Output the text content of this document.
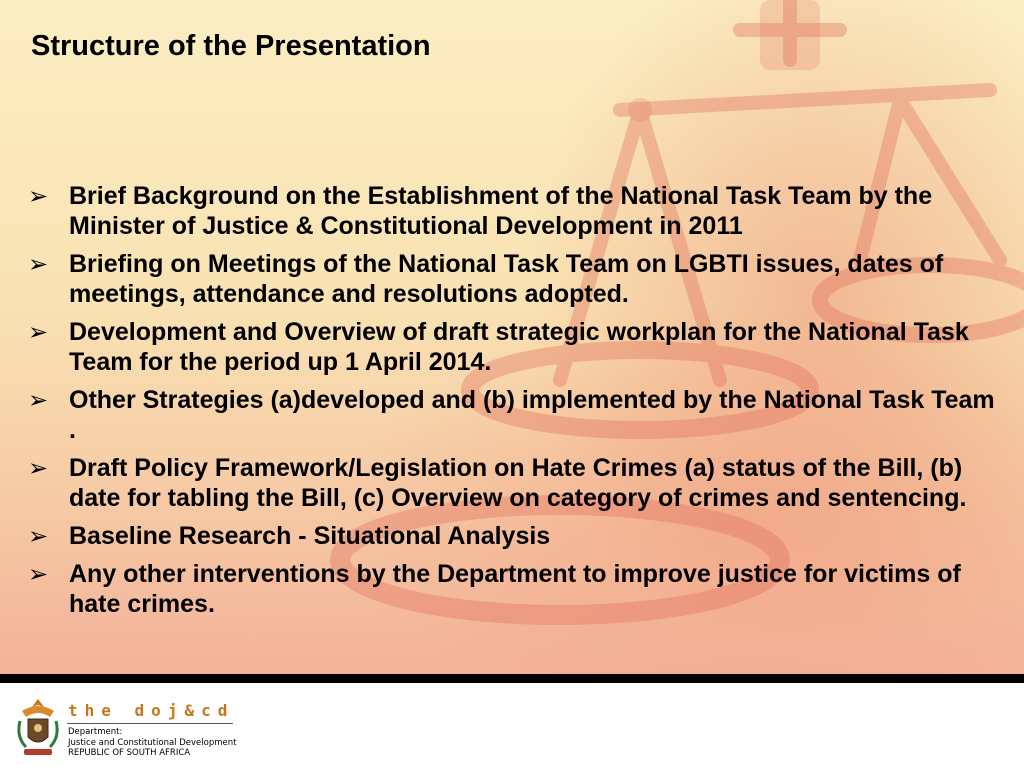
Structure of the Presentation
➢ Brief Background on the Establishment of the National Task Team by the Minister of Justice & Constitutional Development in 2011
➢ Briefing on Meetings of the National Task Team on LGBTI issues, dates of meetings, attendance and resolutions adopted.
➢ Development and Overview of draft strategic workplan for the National Task Team for the period up 1 April 2014.
➢ Other Strategies (a)developed and (b) implemented by the National Task Team .
➢ Draft Policy Framework/Legislation on Hate Crimes (a) status of the Bill, (b) date for tabling the Bill, (c) Overview on category of crimes and sentencing.
➢ Baseline Research - Situational Analysis
➢ Any other interventions by the Department to improve justice for victims of hate crimes.
the doj&cd
Department:
Justice and Constitutional Development
REPUBLIC OF SOUTH AFRICA
